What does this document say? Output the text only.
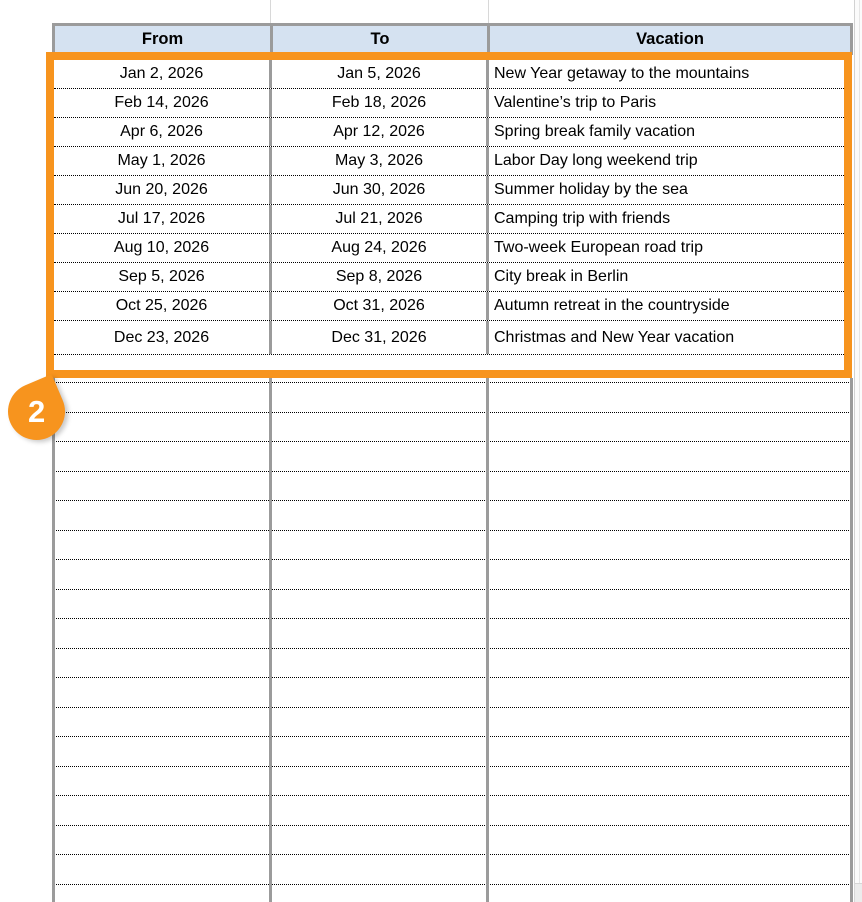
From	To	Vacation
Jan 2, 2026	Jan 5, 2026	New Year getaway to the mountains
Feb 14, 2026	Feb 18, 2026	Valentine’s trip to Paris
Apr 6, 2026	Apr 12, 2026	Spring break family vacation
May 1, 2026	May 3, 2026	Labor Day long weekend trip
Jun 20, 2026	Jun 30, 2026	Summer holiday by the sea
Jul 17, 2026	Jul 21, 2026	Camping trip with friends
Aug 10, 2026	Aug 24, 2026	Two-week European road trip
Sep 5, 2026	Sep 8, 2026	City break in Berlin
Oct 25, 2026	Oct 31, 2026	Autumn retreat in the countryside
Dec 23, 2026	Dec 31, 2026	Christmas and New Year vacation
2
